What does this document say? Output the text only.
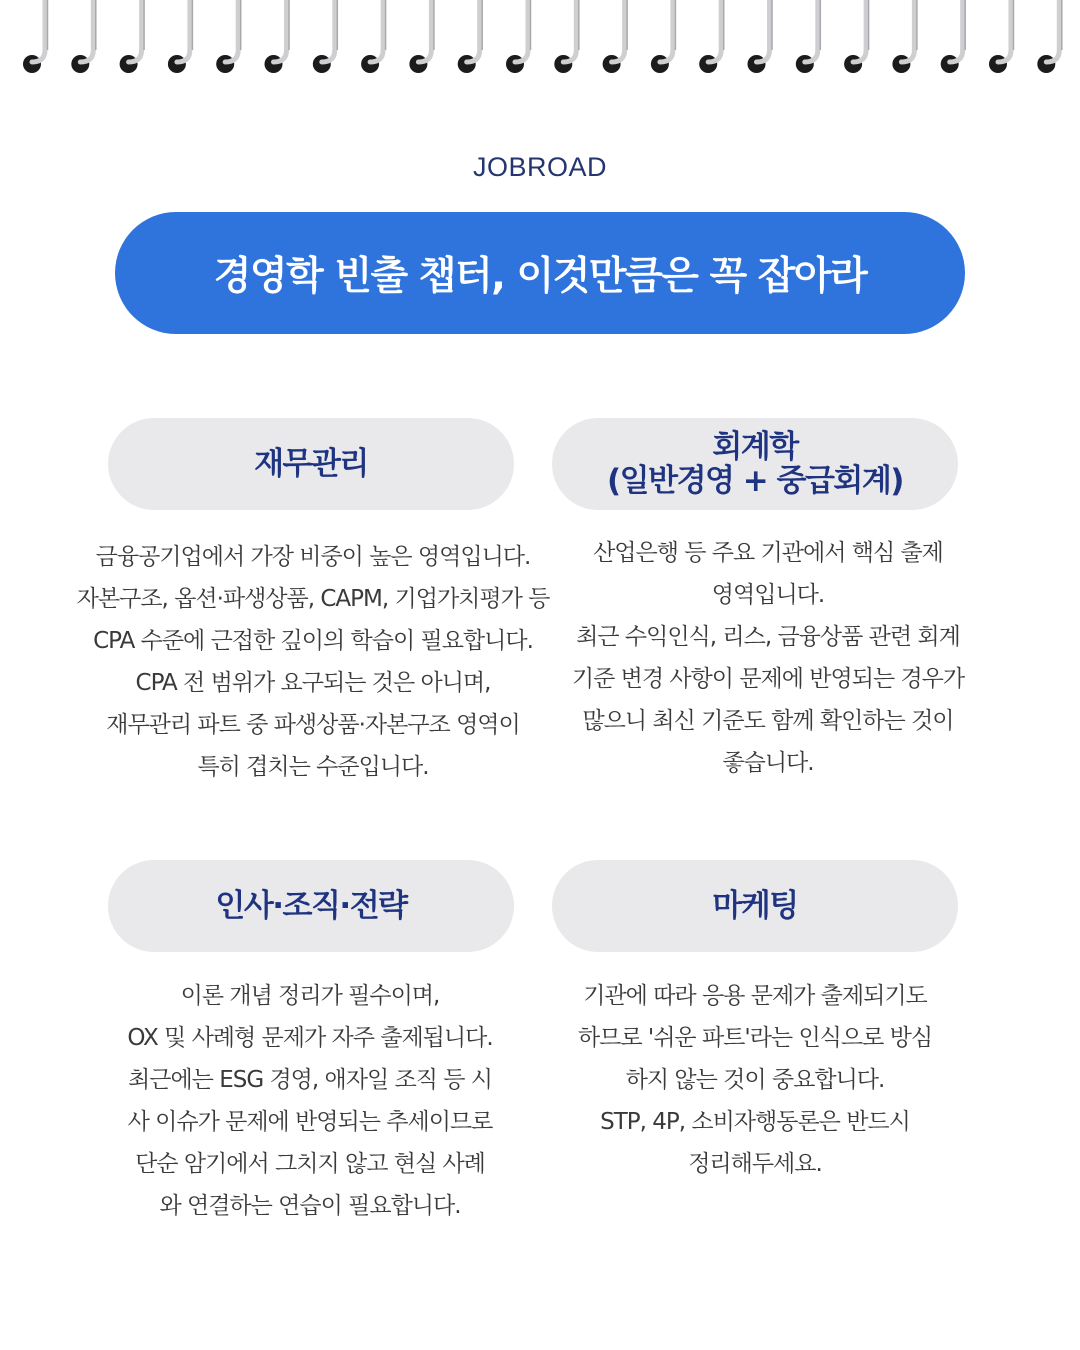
JOBROAD
경영학 빈출 챕터, 이것만큼은 꼭 잡아라
재무관리
금융공기업에서 가장 비중이 높은 영역입니다.
자본구조, 옵션·파생상품, CAPM, 기업가치평가 등
CPA 수준에 근접한 깊이의 학습이 필요합니다.
CPA 전 범위가 요구되는 것은 아니며,
재무관리 파트 중 파생상품·자본구조 영역이
특히 겹치는 수준입니다.
회계학
(일반경영 + 중급회계)
산업은행 등 주요 기관에서 핵심 출제
영역입니다.
최근 수익인식, 리스, 금융상품 관련 회계
기준 변경 사항이 문제에 반영되는 경우가
많으니 최신 기준도 함께 확인하는 것이
좋습니다.
인사·조직·전략
이론 개념 정리가 필수이며,
OX 및 사례형 문제가 자주 출제됩니다.
최근에는 ESG 경영, 애자일 조직 등 시
사 이슈가 문제에 반영되는 추세이므로
단순 암기에서 그치지 않고 현실 사례
와 연결하는 연습이 필요합니다.
마케팅
기관에 따라 응용 문제가 출제되기도
하므로 '쉬운 파트'라는 인식으로 방심
하지 않는 것이 중요합니다.
STP, 4P, 소비자행동론은 반드시
정리해두세요.
